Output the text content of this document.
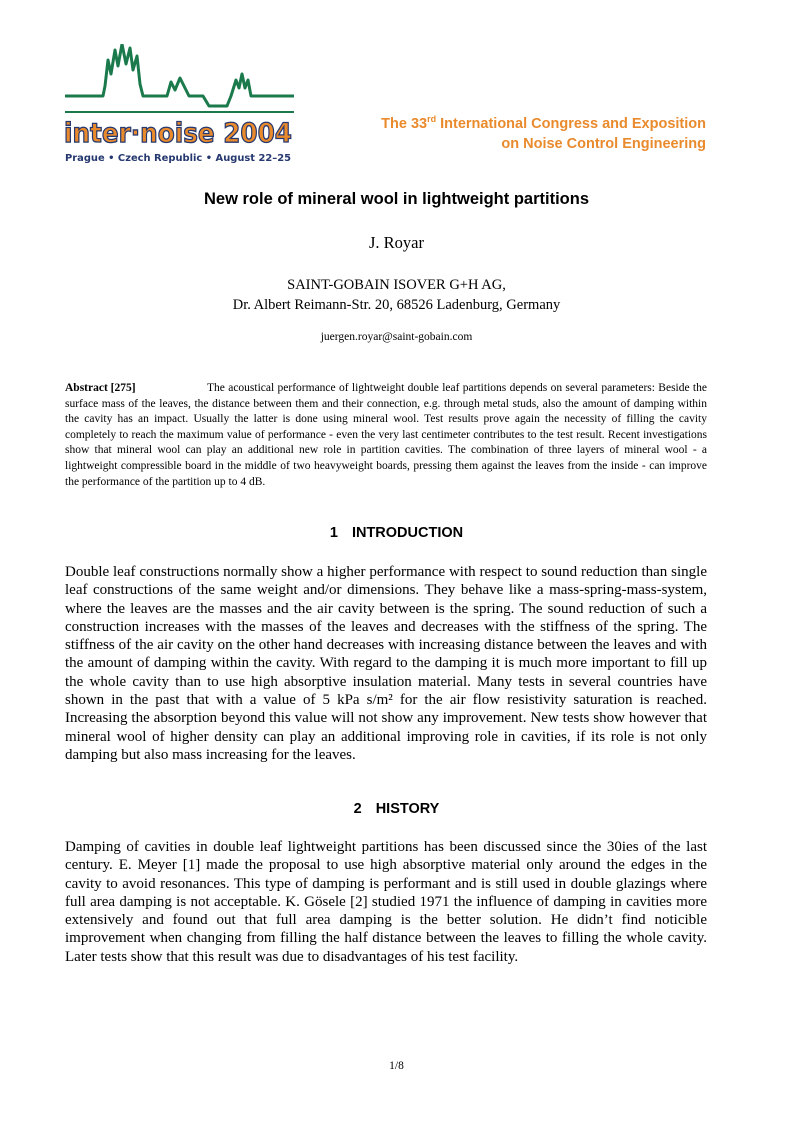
inter·noise 2004
Prague • Czech Republic • August 22–25
The 33rd International Congress and Exposition
on Noise Control Engineering
New role of mineral wool in lightweight partitions
J. Royar
SAINT-GOBAIN ISOVER G+H AG,
Dr. Albert Reimann-Str. 20, 68526 Ladenburg, Germany
juergen.royar@saint-gobain.com
Abstract [275]	The acoustical performance of lightweight double leaf partitions depends on several parameters: Beside the surface mass of the leaves, the distance between them and their connection, e.g. through metal studs, also the amount of damping within the cavity has an impact. Usually the latter is done using mineral wool. Test results prove again the necessity of filling the cavity completely to reach the maximum value of performance - even the very last centimeter contributes to the test result. Recent investigations show that mineral wool can play an additional new role in partition cavities. The combination of three layers of mineral wool - a lightweight compressible board in the middle of two heavyweight boards, pressing them against the leaves from the inside - can improve the performance of the partition up to 4 dB.
1 INTRODUCTION

Double leaf constructions normally show a higher performance with respect to sound reduction than single leaf constructions of the same weight and/or dimensions. They behave like a mass-spring-mass-system, where the leaves are the masses and the air cavity between is the spring. The sound reduction of such a construction increases with the masses of the leaves and decreases with the stiffness of the spring. The stiffness of the air cavity on the other hand decreases with increasing distance between the leaves and with the amount of damping within the cavity. With regard to the damping it is much more important to fill up the whole cavity than to use high absorptive insulation material. Many tests in several countries have shown in the past that with a value of 5 kPa s/m² for the air flow resistivity saturation is reached. Increasing the absorption beyond this value will not show any improvement. New tests show however that mineral wool of higher density can play an additional improving role in cavities, if its role is not only damping but also mass increasing for the leaves.

2 HISTORY

Damping of cavities in double leaf lightweight partitions has been discussed since the 30ies of the last century. E. Meyer [1] made the proposal to use high absorptive material only around the edges in the cavity to avoid resonances. This type of damping is performant and is still used in double glazings where full area damping is not acceptable. K. Gösele [2] studied 1971 the influence of damping in cavities more extensively and found out that full area damping is the better solution. He didn’t find noticible improvement when changing from filling the half distance between the leaves to filling the whole cavity. Later tests show that this result was due to disadvantages of his test facility.

1/8
